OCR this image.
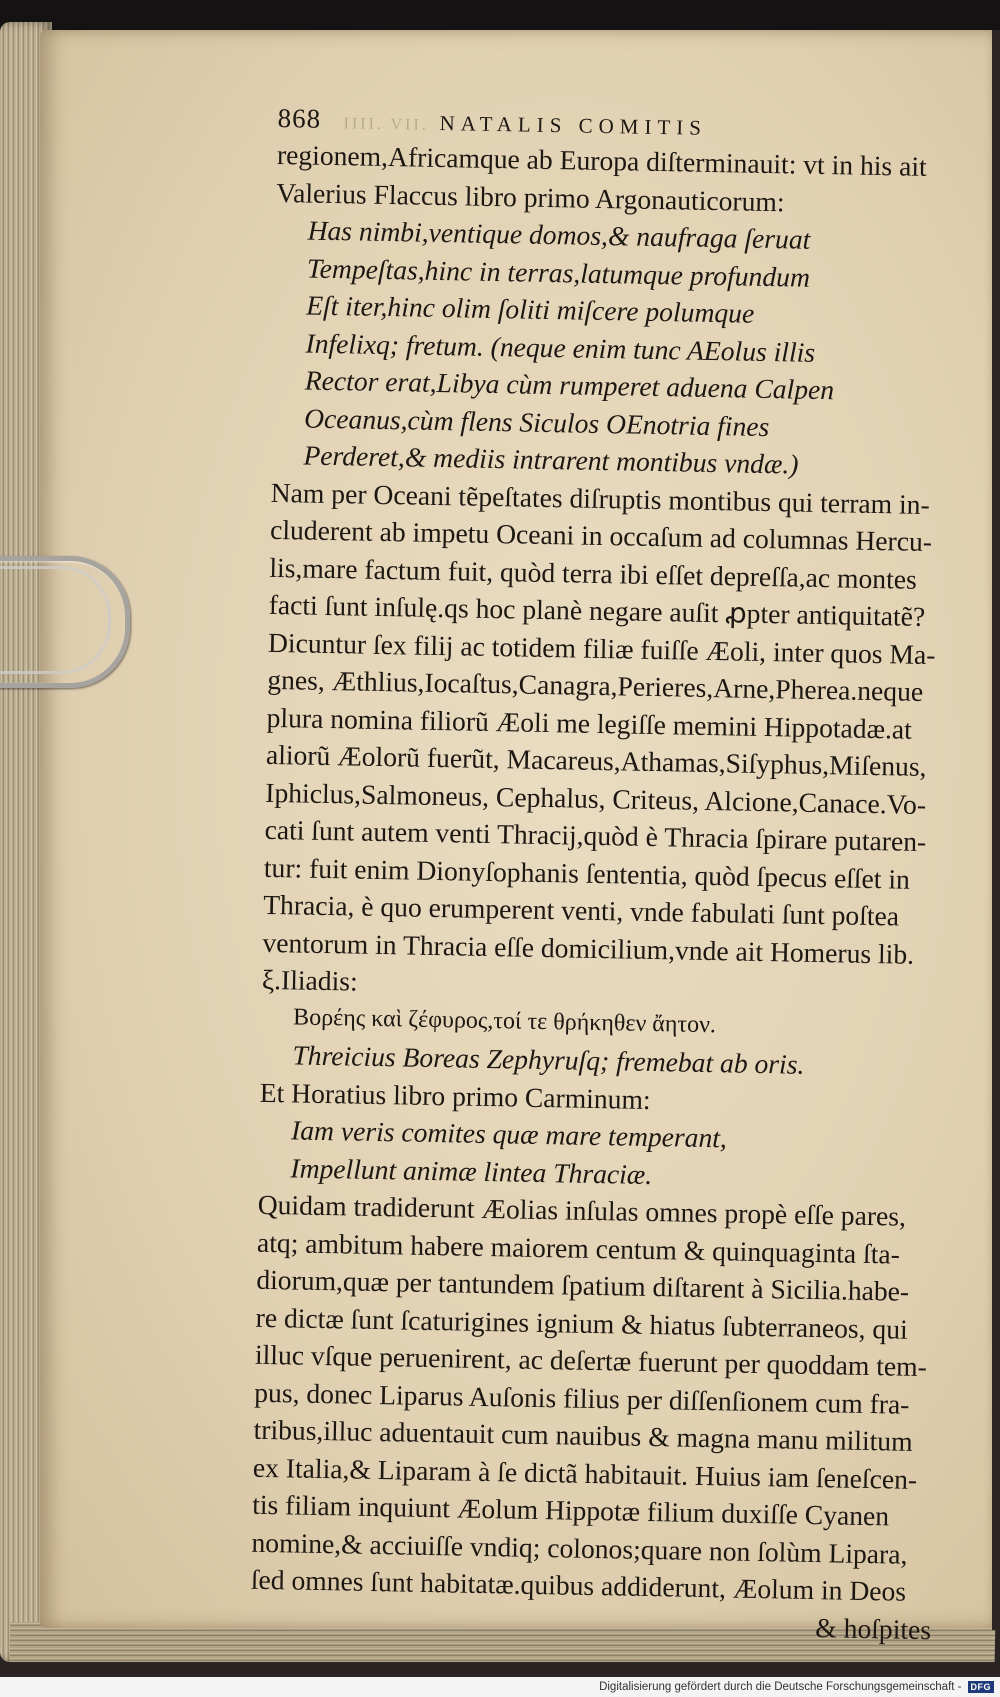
868	IIII. VII. NATALIS COMITIS
regionem,Africamque ab Europa diſterminauit: vt in his ait
Valerius Flaccus libro primo Argonauticorum:
Has nimbi,ventique domos,& naufraga ſeruat
Tempeſtas,hinc in terras,latumque profundum
Eſt iter,hinc olim ſoliti miſcere polumque
Infelixq; fretum. (neque enim tunc AEolus illis
Rector erat,Libya cùm rumperet aduena Calpen
Oceanus,cùm flens Siculos OEnotria fines
Perderet,& mediis intrarent montibus vndæ.)
Nam per Oceani tẽpeſtates diſruptis montibus qui terram in-
cluderent ab impetu Oceani in occaſum ad columnas Hercu-
lis,mare factum fuit, quòd terra ibi eſſet depreſſa,ac montes
facti ſunt inſulę.qs hoc planè negare auſit ꝓpter antiquitatẽ?
Dicuntur ſex filij ac totidem filiæ fuiſſe Æoli, inter quos Ma-
gnes, Æthlius,Iocaſtus,Canagra,Perieres,Arne,Pherea.neque
plura nomina filiorũ Æoli me legiſſe memini Hippotadæ.at
aliorũ Æolorũ fuerũt, Macareus,Athamas,Siſyphus,Miſenus,
Iphiclus,Salmoneus, Cephalus, Criteus, Alcione,Canace.Vo-
cati ſunt autem venti Thracij,quòd è Thracia ſpirare putaren-
tur: fuit enim Dionyſophanis ſententia, quòd ſpecus eſſet in
Thracia, è quo erumperent venti, vnde fabulati ſunt poſtea
ventorum in Thracia eſſe domicilium,vnde ait Homerus lib.
ξ.Iliadis:
Βορέης καὶ ζέφυρος,τοί τε θρήκηθεν ἄητον.
Threicius Boreas Zephyruſq; fremebat ab oris.
Et Horatius libro primo Carminum:
Iam veris comites quæ mare temperant,
Impellunt animæ lintea Thraciæ.
Quidam tradiderunt Æolias inſulas omnes propè eſſe pares,
atq; ambitum habere maiorem centum & quinquaginta ſta-
diorum,quæ per tantundem ſpatium diſtarent à Sicilia.habe-
re dictæ ſunt ſcaturigines ignium & hiatus ſubterraneos, qui
illuc vſque peruenirent, ac deſertæ fuerunt per quoddam tem-
pus, donec Liparus Auſonis filius per diſſenſionem cum fra-
tribus,illuc aduentauit cum nauibus & magna manu militum
ex Italia,& Liparam à ſe dictã habitauit. Huius iam ſeneſcen-
tis filiam inquiunt Æolum Hippotæ filium duxiſſe Cyanen
nomine,& acciuiſſe vndiq; colonos;quare non ſolùm Lipara,
ſed omnes ſunt habitatæ.quibus addiderunt, Æolum in Deos
& hoſpites
Digitalisierung gefördert durch die Deutsche Forschungsgemeinschaft -	DFG
